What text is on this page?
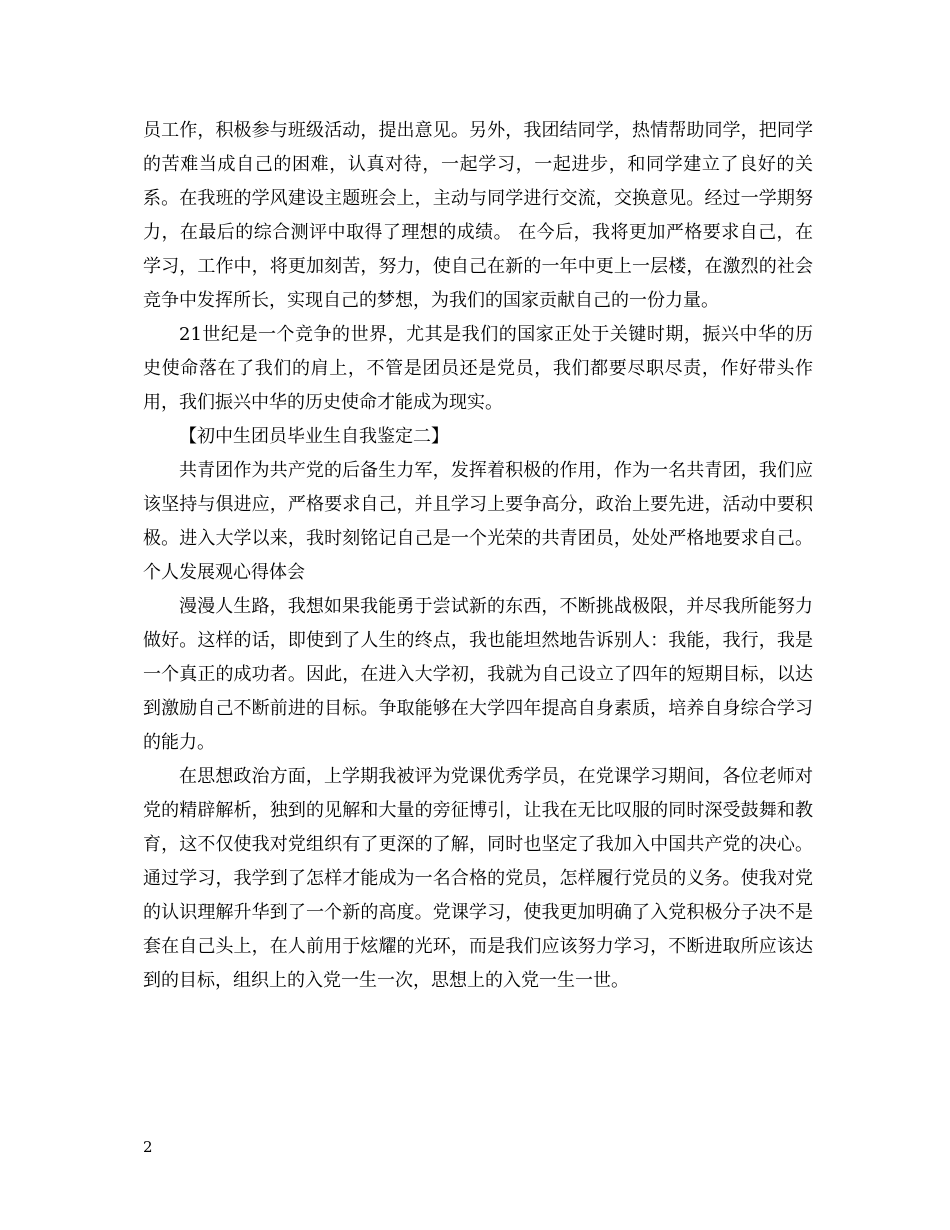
员工作，积极参与班级活动，提出意见。另外，我团结同学，热情帮助同学，把同学的苦难当成自己的困难，认真对待，一起学习，一起进步，和同学建立了良好的关系。在我班的学风建设主题班会上，主动与同学进行交流，交换意见。经过一学期努力，在最后的综合测评中取得了理想的成绩。 在今后，我将更加严格要求自己，在学习，工作中，将更加刻苦，努力，使自己在新的一年中更上一层楼，在激烈的社会竞争中发挥所长，实现自己的梦想，为我们的国家贡献自己的一份力量。

21世纪是一个竞争的世界，尤其是我们的国家正处于关键时期，振兴中华的历史使命落在了我们的肩上，不管是团员还是党员，我们都要尽职尽责，作好带头作用，我们振兴中华的历史使命才能成为现实。

【初中生团员毕业生自我鉴定二】

共青团作为共产党的后备生力军，发挥着积极的作用，作为一名共青团，我们应该坚持与俱进应，严格要求自己，并且学习上要争高分，政治上要先进，活动中要积极。进入大学以来，我时刻铭记自己是一个光荣的共青团员，处处严格地要求自己。个人发展观心得体会

漫漫人生路，我想如果我能勇于尝试新的东西，不断挑战极限，并尽我所能努力做好。这样的话，即使到了人生的终点，我也能坦然地告诉别人：我能，我行，我是一个真正的成功者。因此，在进入大学初，我就为自己设立了四年的短期目标，以达到激励自己不断前进的目标。争取能够在大学四年提高自身素质，培养自身综合学习的能力。

在思想政治方面，上学期我被评为党课优秀学员，在党课学习期间，各位老师对党的精辟解析，独到的见解和大量的旁征博引，让我在无比叹服的同时深受鼓舞和教育，这不仅使我对党组织有了更深的了解，同时也坚定了我加入中国共产党的决心。通过学习，我学到了怎样才能成为一名合格的党员，怎样履行党员的义务。使我对党的认识理解升华到了一个新的高度。党课学习，使我更加明确了入党积极分子决不是套在自己头上，在人前用于炫耀的光环，而是我们应该努力学习，不断进取所应该达到的目标，组织上的入党一生一次，思想上的入党一生一世。

2
